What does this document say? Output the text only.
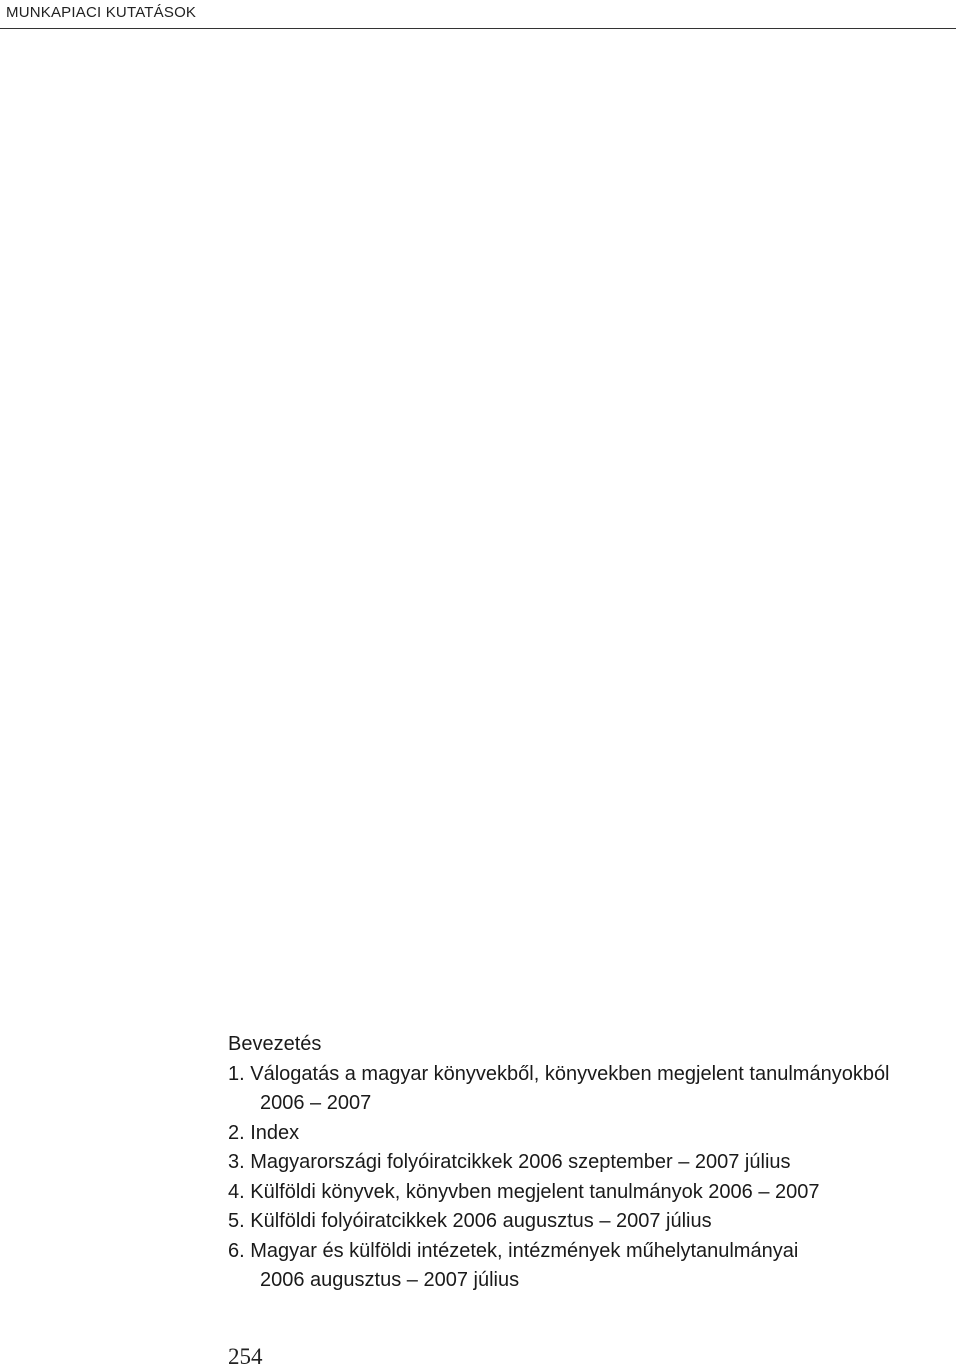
MUNKAPIACI KUTATÁSOK
Bevezetés
1. Válogatás a magyar könyvekből, könyvekben megjelent tanulmányokból
2006 – 2007
2. Index
3. Magyarországi folyóiratcikkek 2006 szeptember – 2007 július
4. Külföldi könyvek, könyvben megjelent tanulmányok 2006 – 2007
5. Külföldi folyóiratcikkek 2006 augusztus – 2007 július
6. Magyar és külföldi intézetek, intézmények műhelytanulmányai
2006 augusztus – 2007 július
254
